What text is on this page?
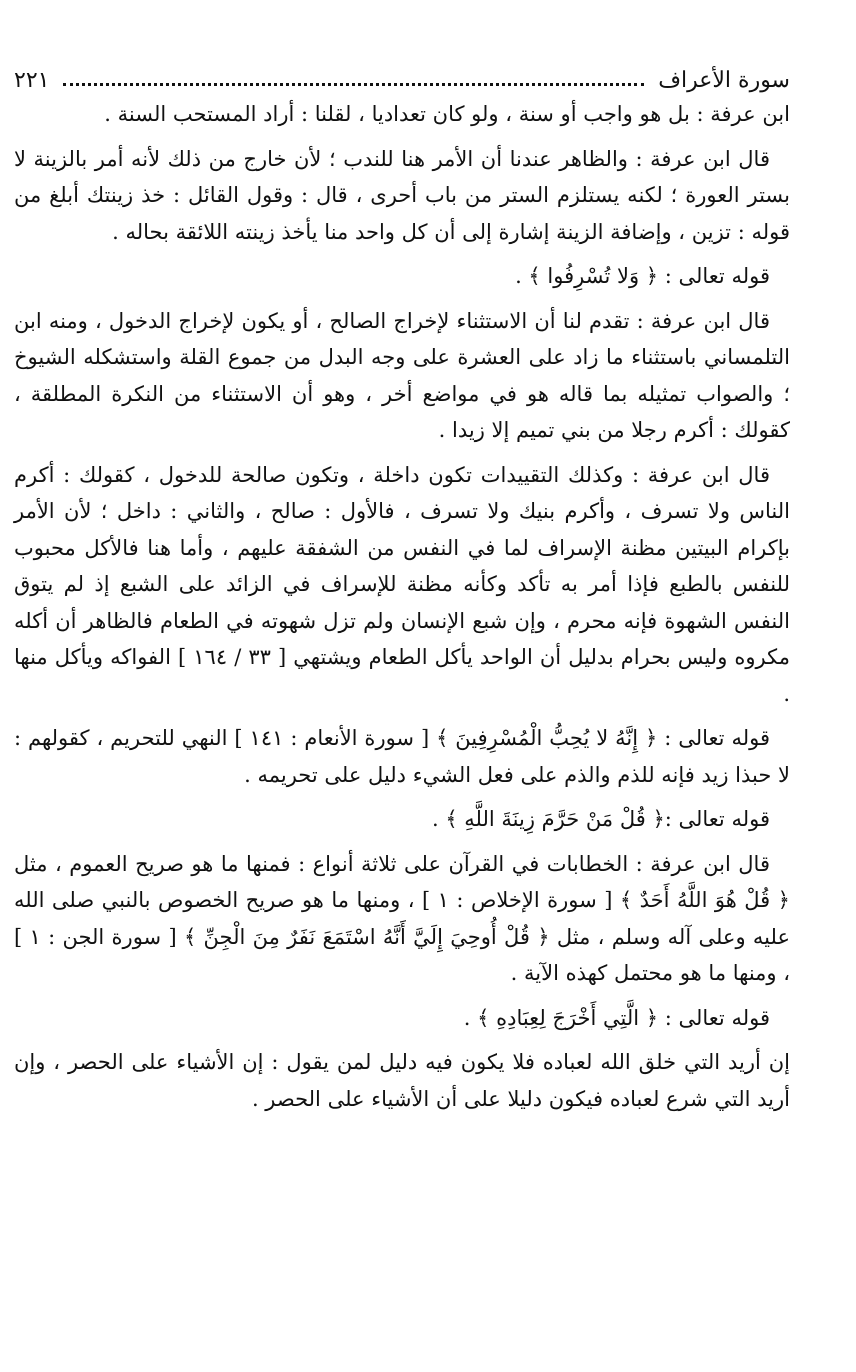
سورة الأعراف
٢٢١

ابن عرفة : بل هو واجب أو سنة ، ولو كان تعداديا ، لقلنا : أراد المستحب السنة .

قال ابن عرفة : والظاهر عندنا أن الأمر هنا للندب ؛ لأن خارج من ذلك لأنه أمر بالزينة لا بستر العورة ؛ لكنه يستلزم الستر من باب أحرى ، قال : وقول القائل : خذ زينتك أبلغ من قوله : تزين ، وإضافة الزينة إشارة إلى أن كل واحد منا يأخذ زينته اللائقة بحاله .

قوله تعالى : ﴿ وَلا تُسْرِفُوا ﴾ .

قال ابن عرفة : تقدم لنا أن الاستثناء لإخراج الصالح ، أو يكون لإخراج الدخول ، ومنه ابن التلمساني باستثناء ما زاد على العشرة على وجه البدل من جموع القلة واستشكله الشيوخ ؛ والصواب تمثيله بما قاله هو في مواضع أخر ، وهو أن الاستثناء من النكرة المطلقة ، كقولك : أكرم رجلا من بني تميم إلا زيدا .

قال ابن عرفة : وكذلك التقييدات تكون داخلة ، وتكون صالحة للدخول ، كقولك : أكرم الناس ولا تسرف ، وأكرم بنيك ولا تسرف ، فالأول : صالح ، والثاني : داخل ؛ لأن الأمر بإكرام البيتين مظنة الإسراف لما في النفس من الشفقة عليهم ، وأما هنا فالأكل محبوب للنفس بالطبع فإذا أمر به تأكد وكأنه مظنة للإسراف في الزائد على الشبع إذ لم يتوق النفس الشهوة فإنه محرم ، وإن شبع الإنسان ولم تزل شهوته في الطعام فالظاهر أن أكله مكروه وليس بحرام بدليل أن الواحد يأكل الطعام ويشتهي [ ٣٣ / ١٦٤ ] الفواكه ويأكل منها .

قوله تعالى : ﴿ إِنَّهُ لا يُحِبُّ الْمُسْرِفِينَ ﴾ [ سورة الأنعام : ١٤١ ] النهي للتحريم ، كقولهم : لا حبذا زيد فإنه للذم والذم على فعل الشيء دليل على تحريمه .

قوله تعالى :﴿ قُلْ مَنْ حَرَّمَ زِينَةَ اللَّهِ ﴾ .

قال ابن عرفة : الخطابات في القرآن على ثلاثة أنواع : فمنها ما هو صريح العموم ، مثل ﴿ قُلْ هُوَ اللَّهُ أَحَدٌ ﴾ [ سورة الإخلاص : ١ ] ، ومنها ما هو صريح الخصوص بالنبي صلى الله عليه وعلى آله وسلم ، مثل ﴿ قُلْ أُوحِيَ إِلَيَّ أَنَّهُ اسْتَمَعَ نَفَرٌ مِنَ الْجِنِّ ﴾ [ سورة الجن : ١ ] ، ومنها ما هو محتمل كهذه الآية .

قوله تعالى : ﴿ الَّتِي أَخْرَجَ لِعِبَادِهِ ﴾ .

إن أريد التي خلق الله لعباده فلا يكون فيه دليل لمن يقول : إن الأشياء على الحصر ، وإن أريد التي شرع لعباده فيكون دليلا على أن الأشياء على الحصر .
